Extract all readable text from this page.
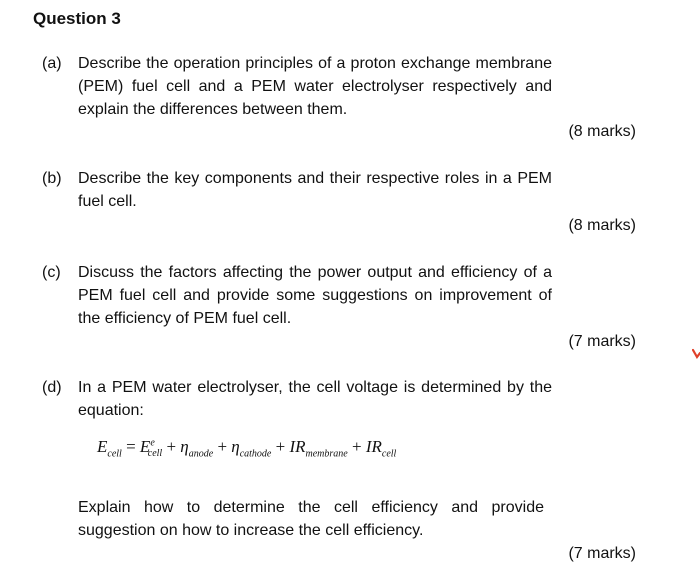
Question 3
(a) Describe the operation principles of a proton exchange membrane (PEM) fuel cell and a PEM water electrolyser respectively and explain the differences between them.
(8 marks)
(b) Describe the key components and their respective roles in a PEM fuel cell.
(8 marks)
(c) Discuss the factors affecting the power output and efficiency of a PEM fuel cell and provide some suggestions on improvement of the efficiency of PEM fuel cell.
(7 marks)
(d) In a PEM water electrolyser, the cell voltage is determined by the equation:
$E_{cell} = E^e_{cell} + \eta_{anode} + \eta_{cathode} + IR_{membrane} + IR_{cell}$
Explain how to determine the cell efficiency and provide suggestion on how to increase the cell efficiency.
(7 marks)
